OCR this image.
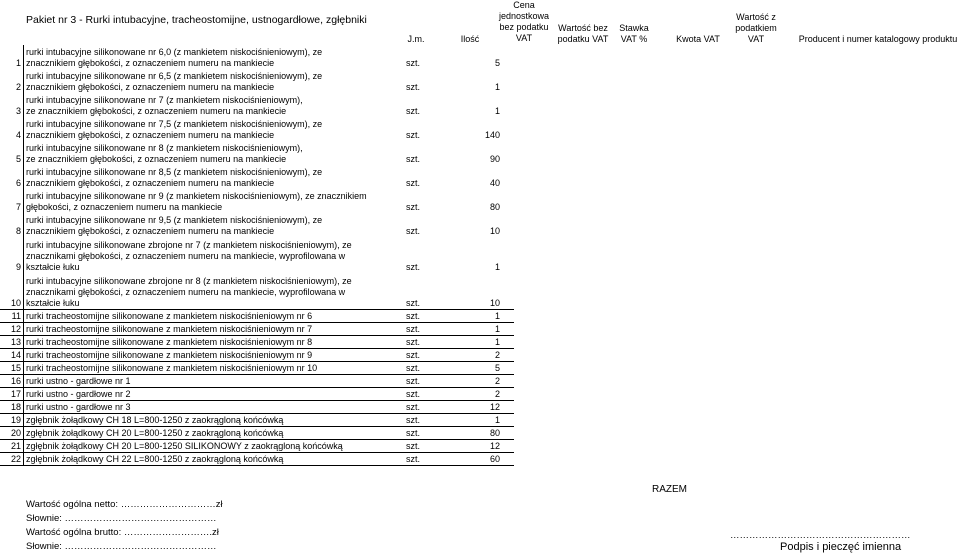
Pakiet nr 3 - Rurki intubacyjne, tracheostomijne, ustnogardłowe, zgłębniki
J.m.	Ilość
Cena jednostkowa bez podatku VAT
Wartość bez podatku VAT
Stawka VAT %	Kwota VAT
Wartość z podatkiem VAT	Producent i numer katalogowy produktu
1	rurki intubacyjne silikonowane nr 6,0 (z mankietem niskociśnieniowym), ze
znacznikiem głębokości, z oznaczeniem numeru na mankiecie	szt.	5
2	rurki intubacyjne silikonowane nr 6,5 (z mankietem niskociśnieniowym), ze
znacznikiem głębokości, z oznaczeniem numeru na mankiecie	szt.	1
3	rurki intubacyjne silikonowane nr 7 (z mankietem niskociśnieniowym),
ze znacznikiem głębokości, z oznaczeniem numeru na mankiecie	szt.	1
4	rurki intubacyjne silikonowane nr 7,5 (z mankietem niskociśnieniowym), ze
znacznikiem głębokości, z oznaczeniem numeru na mankiecie	szt.	140
5	rurki intubacyjne silikonowane nr 8 (z mankietem niskociśnieniowym),
ze znacznikiem głębokości, z oznaczeniem numeru na mankiecie	szt.	90
6	rurki intubacyjne silikonowane nr 8,5 (z mankietem niskociśnieniowym), ze
znacznikiem głębokości, z oznaczeniem numeru na mankiecie	szt.	40
7	rurki intubacyjne silikonowane nr 9 (z mankietem niskociśnieniowym), ze znacznikiem
głębokości, z oznaczeniem numeru na mankiecie	szt.	80
8	rurki intubacyjne silikonowane nr 9,5 (z mankietem niskociśnieniowym), ze
znacznikiem głębokości, z oznaczeniem numeru na mankiecie	szt.	10
9	rurki intubacyjne silikonowane zbrojone nr 7 (z mankietem niskociśnieniowym), ze
znacznikami głębokości, z oznaczeniem numeru na mankiecie, wyprofilowana w
kształcie łuku	szt.	1
10	rurki intubacyjne silikonowane zbrojone nr 8 (z mankietem niskociśnieniowym), ze
znacznikami głębokości, z oznaczeniem numeru na mankiecie, wyprofilowana w
kształcie łuku	szt.	10
11	rurki tracheostomijne silikonowane z mankietem niskociśnieniowym nr 6	szt.	1
12	rurki tracheostomijne silikonowane z mankietem niskociśnieniowym nr 7	szt.	1
13	rurki tracheostomijne silikonowane z mankietem niskociśnieniowym nr 8	szt.	1
14	rurki tracheostomijne silikonowane z mankietem niskociśnieniowym nr 9	szt.	2
15	rurki tracheostomijne silikonowane z mankietem niskociśnieniowym nr 10	szt.	5
16	rurki ustno - gardłowe nr 1	szt.	2
17	rurki ustno - gardłowe nr 2	szt.	2
18	rurki ustno - gardłowe nr 3	szt.	12
19	zgłębnik żołądkowy CH 18 L=800-1250 z zaokrągloną końcówką	szt.	1
20	zgłębnik żołądkowy CH 20 L=800-1250 z zaokrągloną końcówką	szt.	80
21	zgłębnik żołądkowy CH 20 L=800-1250 SILIKONOWY z zaokrągloną końcówką	szt.	12
22	zgłębnik żołądkowy CH 22 L=800-1250 z zaokrągloną końcówką	szt.	60
RAZEM
Wartość ogólna netto: …………………………zł
Słownie: …………………………………………
Wartość ogólna brutto: ……………………….zł
Słownie: …………………………………………
…………………………………………………
Podpis i pieczęć imienna
